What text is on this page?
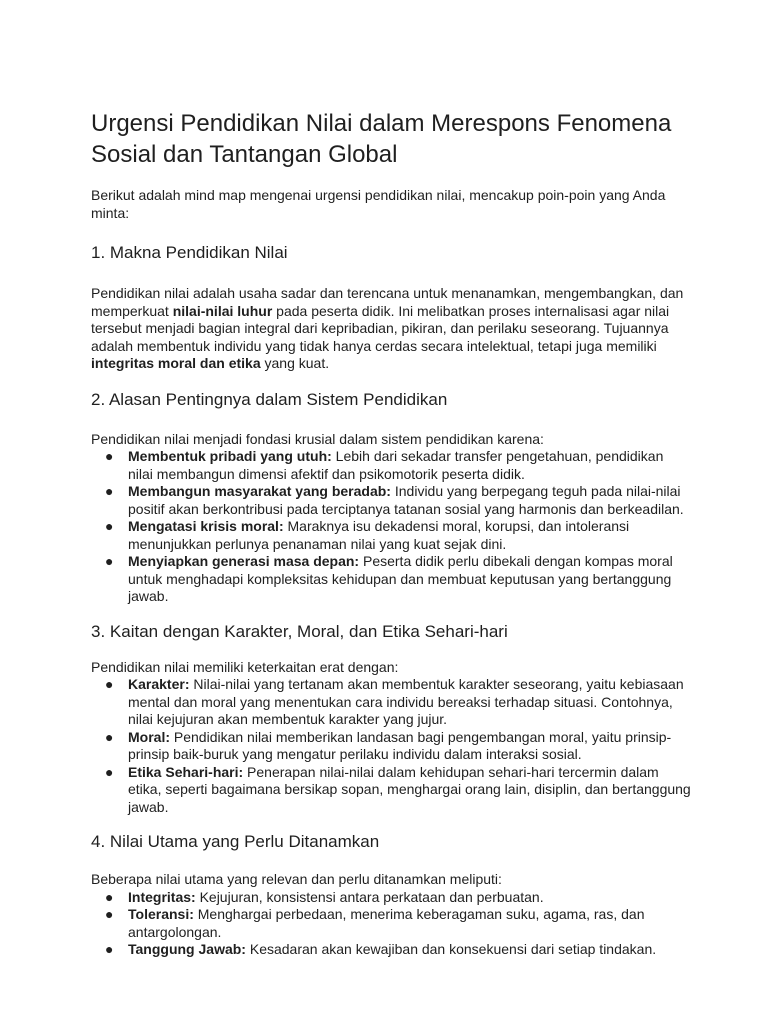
Urgensi Pendidikan Nilai dalam Merespons Fenomena Sosial dan Tantangan Global

Berikut adalah mind map mengenai urgensi pendidikan nilai, mencakup poin-poin yang Anda minta:

1. Makna Pendidikan Nilai

Pendidikan nilai adalah usaha sadar dan terencana untuk menanamkan, mengembangkan, dan memperkuat nilai-nilai luhur pada peserta didik. Ini melibatkan proses internalisasi agar nilai tersebut menjadi bagian integral dari kepribadian, pikiran, dan perilaku seseorang. Tujuannya adalah membentuk individu yang tidak hanya cerdas secara intelektual, tetapi juga memiliki integritas moral dan etika yang kuat.

2. Alasan Pentingnya dalam Sistem Pendidikan

Pendidikan nilai menjadi fondasi krusial dalam sistem pendidikan karena:

● Membentuk pribadi yang utuh: Lebih dari sekadar transfer pengetahuan, pendidikan nilai membangun dimensi afektif dan psikomotorik peserta didik.
● Membangun masyarakat yang beradab: Individu yang berpegang teguh pada nilai-nilai positif akan berkontribusi pada terciptanya tatanan sosial yang harmonis dan berkeadilan.
● Mengatasi krisis moral: Maraknya isu dekadensi moral, korupsi, dan intoleransi menunjukkan perlunya penanaman nilai yang kuat sejak dini.
● Menyiapkan generasi masa depan: Peserta didik perlu dibekali dengan kompas moral untuk menghadapi kompleksitas kehidupan dan membuat keputusan yang bertanggung jawab.
3. Kaitan dengan Karakter, Moral, dan Etika Sehari-hari

Pendidikan nilai memiliki keterkaitan erat dengan:

● Karakter: Nilai-nilai yang tertanam akan membentuk karakter seseorang, yaitu kebiasaan mental dan moral yang menentukan cara individu bereaksi terhadap situasi. Contohnya, nilai kejujuran akan membentuk karakter yang jujur.
● Moral: Pendidikan nilai memberikan landasan bagi pengembangan moral, yaitu prinsip-prinsip baik-buruk yang mengatur perilaku individu dalam interaksi sosial.
● Etika Sehari-hari: Penerapan nilai-nilai dalam kehidupan sehari-hari tercermin dalam etika, seperti bagaimana bersikap sopan, menghargai orang lain, disiplin, dan bertanggung jawab.
4. Nilai Utama yang Perlu Ditanamkan

Beberapa nilai utama yang relevan dan perlu ditanamkan meliputi:

● Integritas: Kejujuran, konsistensi antara perkataan dan perbuatan.
● Toleransi: Menghargai perbedaan, menerima keberagaman suku, agama, ras, dan antargolongan.
● Tanggung Jawab: Kesadaran akan kewajiban dan konsekuensi dari setiap tindakan.
